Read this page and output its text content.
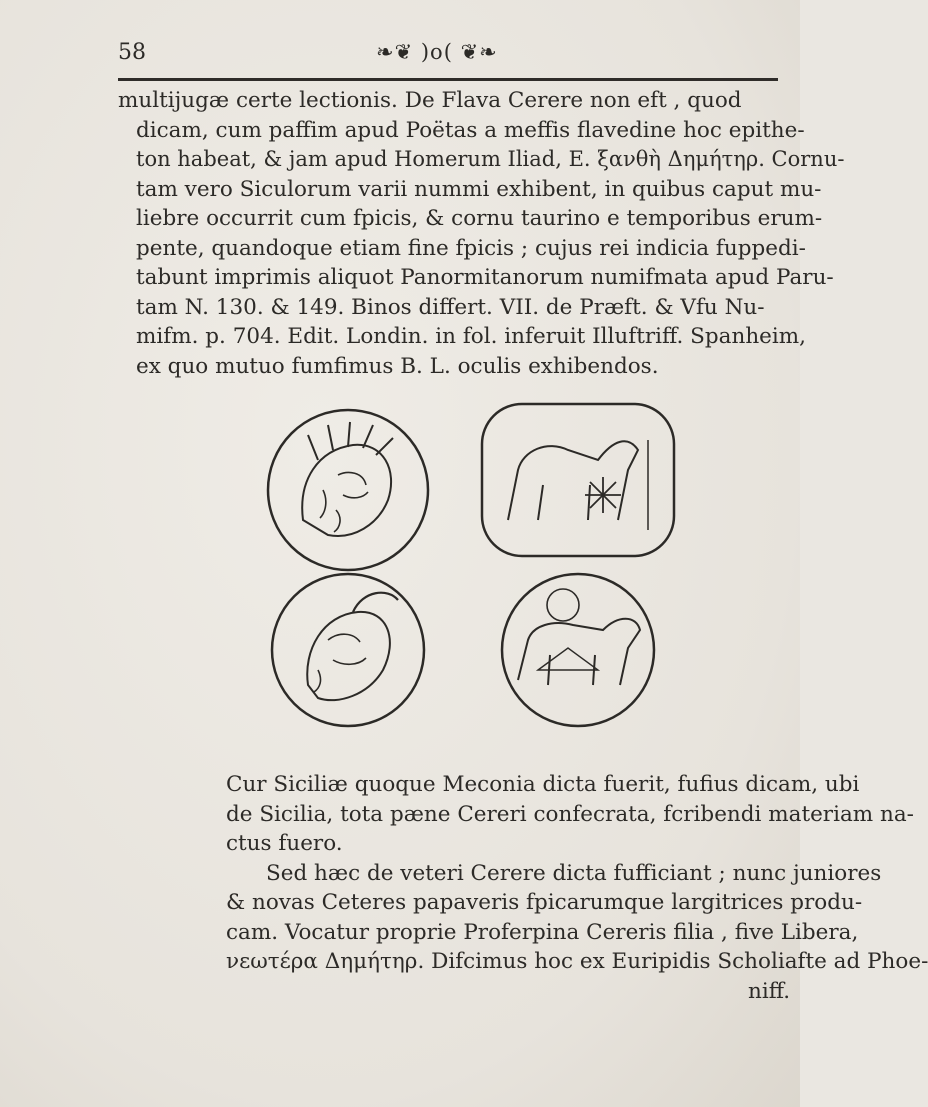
58	❧❦ )o( ❦❧
multijugæ certe lectionis. De Flava Cerere non eft , quod
dicam, cum paffim apud Poëtas a meffis flavedine hoc epithe-
ton habeat, & jam apud Homerum Iliad, E. ξανθὴ Δημήτηρ. Cornu-
tam vero Siculorum varii nummi exhibent, in quibus caput mu-
liebre occurrit cum fpicis, & cornu taurino e temporibus erum-
pente, quandoque etiam fine fpicis ; cujus rei indicia fuppedi-
tabunt imprimis aliquot Panormitanorum numifmata apud Paru-
tam N. 130. & 149. Binos differt. VII. de Præft. & Vfu Nu-
mifm. p. 704. Edit. Londin. in fol. inferuit Illuftriff. Spanheim,
ex quo mutuo fumfimus B. L. oculis exhibendos.
Cur Siciliæ quoque Meconia dicta fuerit, fufius dicam, ubi
de Sicilia, tota pæne Cereri confecrata, fcribendi materiam na-
ctus fuero.
Sed hæc de veteri Cerere dicta fufficiant ; nunc juniores
& novas Ceteres papaveris fpicarumque largitrices produ-
cam. Vocatur proprie Proferpina Cereris filia , five Libera,
νεωτέρα Δημήτηρ. Difcimus hoc ex Euripidis Scholiafte ad Phoe-
niff.
